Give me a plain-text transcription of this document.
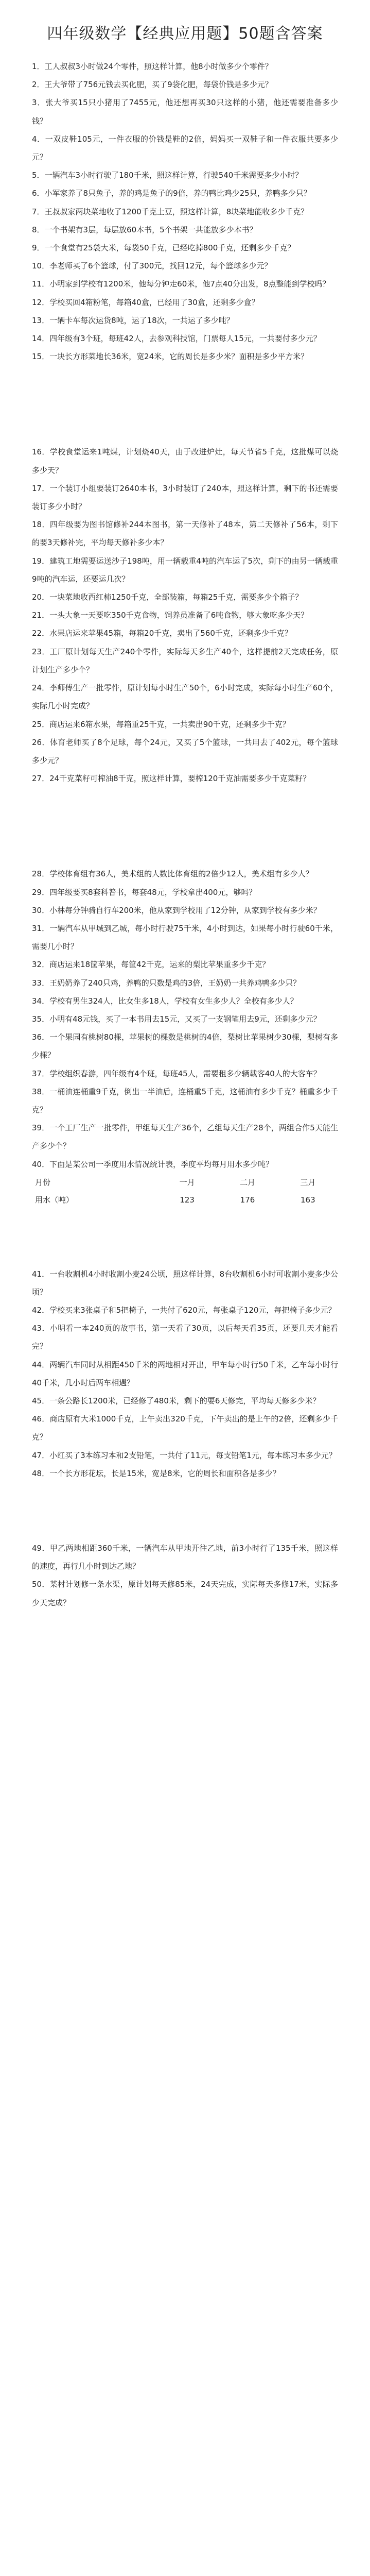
四年级数学【经典应用题】50题含答案

1．工人叔叔3小时做24个零件，照这样计算，他8小时做多少个零件？

2．王大爷带了756元钱去买化肥，买了9袋化肥，每袋价钱是多少元？

3．张大爷买15只小猪用了7455元，他还想再买30只这样的小猪，他还需要准备多少钱？

4．一双皮鞋105元，一件衣服的价钱是鞋的2倍，妈妈买一双鞋子和一件衣服共要多少元？

5．一辆汽车3小时行驶了180千米，照这样计算，行驶540千米需要多少小时？

6．小军家养了8只兔子，养的鸡是兔子的9倍，养的鸭比鸡少25只，养鸭多少只？

7．王叔叔家两块菜地收了1200千克土豆，照这样计算，8块菜地能收多少千克？

8．一个书架有3层，每层放60本书，5个书架一共能放多少本书？

9．一个食堂有25袋大米，每袋50千克，已经吃掉800千克，还剩多少千克？

10．李老师买了6个篮球，付了300元，找回12元，每个篮球多少元？

11．小明家到学校有1200米，他每分钟走60米，他7点40分出发，8点整能到学校吗？

12．学校买回4箱粉笔，每箱40盒，已经用了30盒，还剩多少盒？

13．一辆卡车每次运货8吨，运了18次，一共运了多少吨？

14．四年级有3个班，每班42人，去参观科技馆，门票每人15元，一共要付多少元？

15．一块长方形菜地长36米，宽24米，它的周长是多少米？面积是多少平方米？

16．学校食堂运来1吨煤，计划烧40天，由于改进炉灶，每天节省5千克，这批煤可以烧多少天？

17．一个装订小组要装订2640本书，3小时装订了240本，照这样计算，剩下的书还需要装订多少小时？

18．四年级要为图书馆修补244本图书，第一天修补了48本，第二天修补了56本，剩下的要3天修补完，平均每天修补多少本？

19．建筑工地需要运送沙子198吨，用一辆载重4吨的汽车运了5次，剩下的由另一辆载重9吨的汽车运，还要运几次？

20．一块菜地收西红柿1250千克，全部装箱，每箱25千克，需要多少个箱子？

21．一头大象一天要吃350千克食物，饲养员准备了6吨食物，够大象吃多少天？

22．水果店运来苹果45箱，每箱20千克，卖出了560千克，还剩多少千克？

23．工厂原计划每天生产240个零件，实际每天多生产40个，这样提前2天完成任务，原计划生产多少个？

24．李师傅生产一批零件，原计划每小时生产50个，6小时完成，实际每小时生产60个，实际几小时完成？

25．商店运来6箱水果，每箱重25千克，一共卖出90千克，还剩多少千克？

26．体育老师买了8个足球，每个24元，又买了5个篮球，一共用去了402元，每个篮球多少元？

27．24千克菜籽可榨油8千克，照这样计算，要榨120千克油需要多少千克菜籽？

28．学校体育组有36人，美术组的人数比体育组的2倍少12人，美术组有多少人？

29．四年级要买8套科普书，每套48元，学校拿出400元，够吗？

30．小林每分钟骑自行车200米，他从家到学校用了12分钟，从家到学校有多少米？

31．一辆汽车从甲城到乙城，每小时行驶75千米，4小时到达，如果每小时行驶60千米，需要几小时？

32．商店运来18筐苹果，每筐42千克，运来的梨比苹果重多少千克？

33．王奶奶养了240只鸡，养鸭的只数是鸡的3倍，王奶奶一共养鸡鸭多少只？

34．学校有男生324人，比女生多18人，学校有女生多少人？全校有多少人？

35．小明有48元钱，买了一本书用去15元，又买了一支钢笔用去9元，还剩多少元？

36．一个果园有桃树80棵，苹果树的棵数是桃树的4倍，梨树比苹果树少30棵，梨树有多少棵？

37．学校组织春游，四年级有4个班，每班45人，需要租多少辆载客40人的大客车？

38．一桶油连桶重9千克，倒出一半油后，连桶重5千克，这桶油有多少千克？桶重多少千克？

39．一个工厂生产一批零件，甲组每天生产36个，乙组每天生产28个，两组合作5天能生产多少个？

40．下面是某公司一季度用水情况统计表，季度平均每月用水多少吨？

月份	一月	二月	三月
用水（吨）	123	176	163

41．一台收割机4小时收割小麦24公顷，照这样计算，8台收割机6小时可收割小麦多少公顷？

42．学校买来3张桌子和5把椅子，一共付了620元，每张桌子120元，每把椅子多少元？

43．小明看一本240页的故事书，第一天看了30页，以后每天看35页，还要几天才能看完？

44．两辆汽车同时从相距450千米的两地相对开出，甲车每小时行50千米，乙车每小时行40千米，几小时后两车相遇？

45．一条公路长1200米，已经修了480米，剩下的要6天修完，平均每天修多少米？

46．商店原有大米1000千克，上午卖出320千克，下午卖出的是上午的2倍，还剩多少千克？

47．小红买了3本练习本和2支铅笔，一共付了11元，每支铅笔1元，每本练习本多少元？

48．一个长方形花坛，长是15米，宽是8米，它的周长和面积各是多少？

49．甲乙两地相距360千米，一辆汽车从甲地开往乙地，前3小时行了135千米，照这样的速度，再行几小时到达乙地？

50．某村计划修一条水渠，原计划每天修85米，24天完成，实际每天多修17米，实际多少天完成？
